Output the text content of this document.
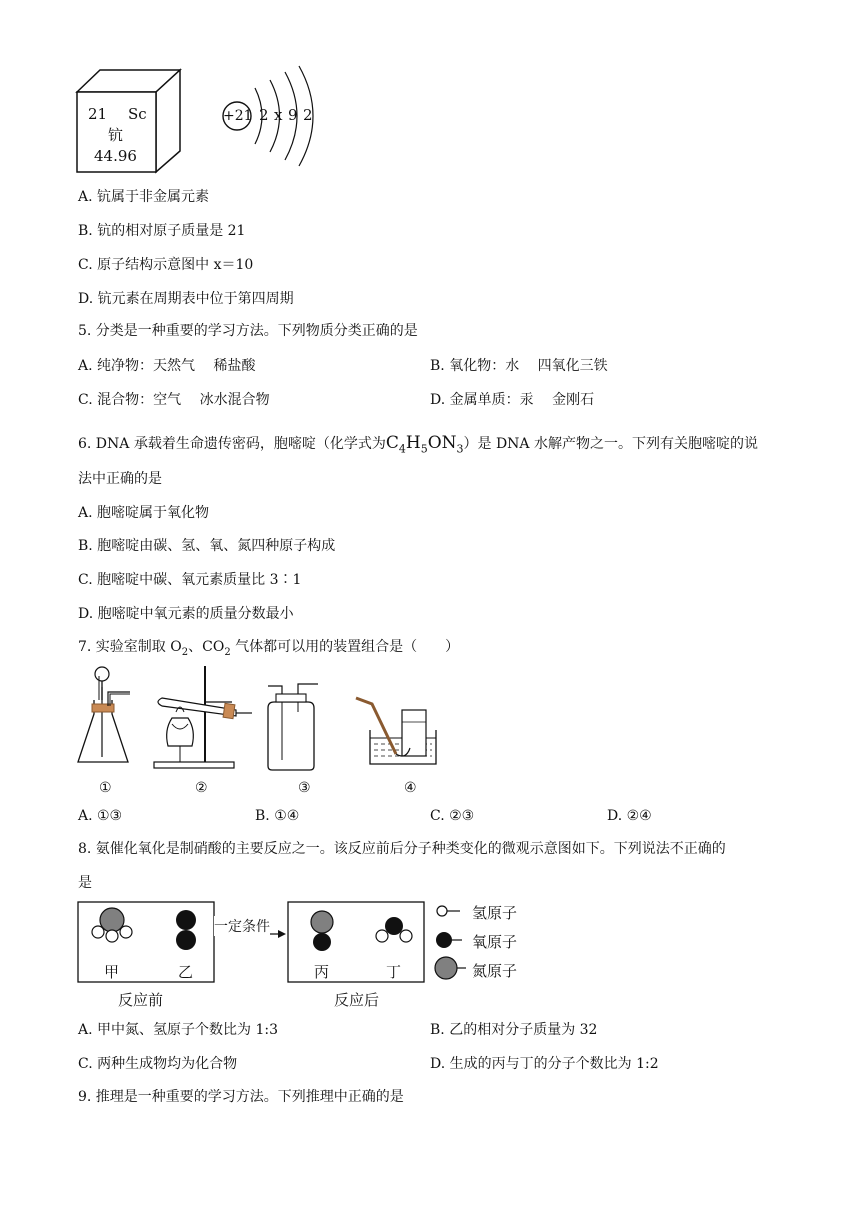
21 Sc
钪
44.96
+21 2 x 9 2
A. 钪属于非金属元素
B. 钪的相对原子质量是 21
C. 原子结构示意图中 x＝10
D. 钪元素在周期表中位于第四周期
5. 分类是一种重要的学习方法。下列物质分类正确的是
A. 纯净物：天然气　 稀盐酸	B. 氧化物：水　 四氧化三铁
C. 混合物：空气　 冰水混合物	D. 金属单质：汞　 金刚石
6. DNA 承载着生命遗传密码，胞嘧啶（化学式为$C_4H_5ON_3$）是 DNA 水解产物之一。下列有关胞嘧啶的说
法中正确的是
A. 胞嘧啶属于氧化物
B. 胞嘧啶由碳、氢、氧、氮四种原子构成
C. 胞嘧啶中碳、氧元素质量比 3∶1
D. 胞嘧啶中氧元素的质量分数最小
7. 实验室制取 $O_2$、$CO_2$ 气体都可以用的装置组合是（　　）
①	②	③	④
A. ①③	B. ①④	C. ②③	D. ②④
8. 氨催化氧化是制硝酸的主要反应之一。该反应前后分子种类变化的微观示意图如下。下列说法不正确的
是
一定条件
甲	乙	丙	丁
反应前	反应后
氢原子
氧原子
氮原子
A. 甲中氮、氢原子个数比为 1:3	B. 乙的相对分子质量为 32
C. 两种生成物均为化合物	D. 生成的丙与丁的分子个数比为 1:2
9. 推理是一种重要的学习方法。下列推理中正确的是
